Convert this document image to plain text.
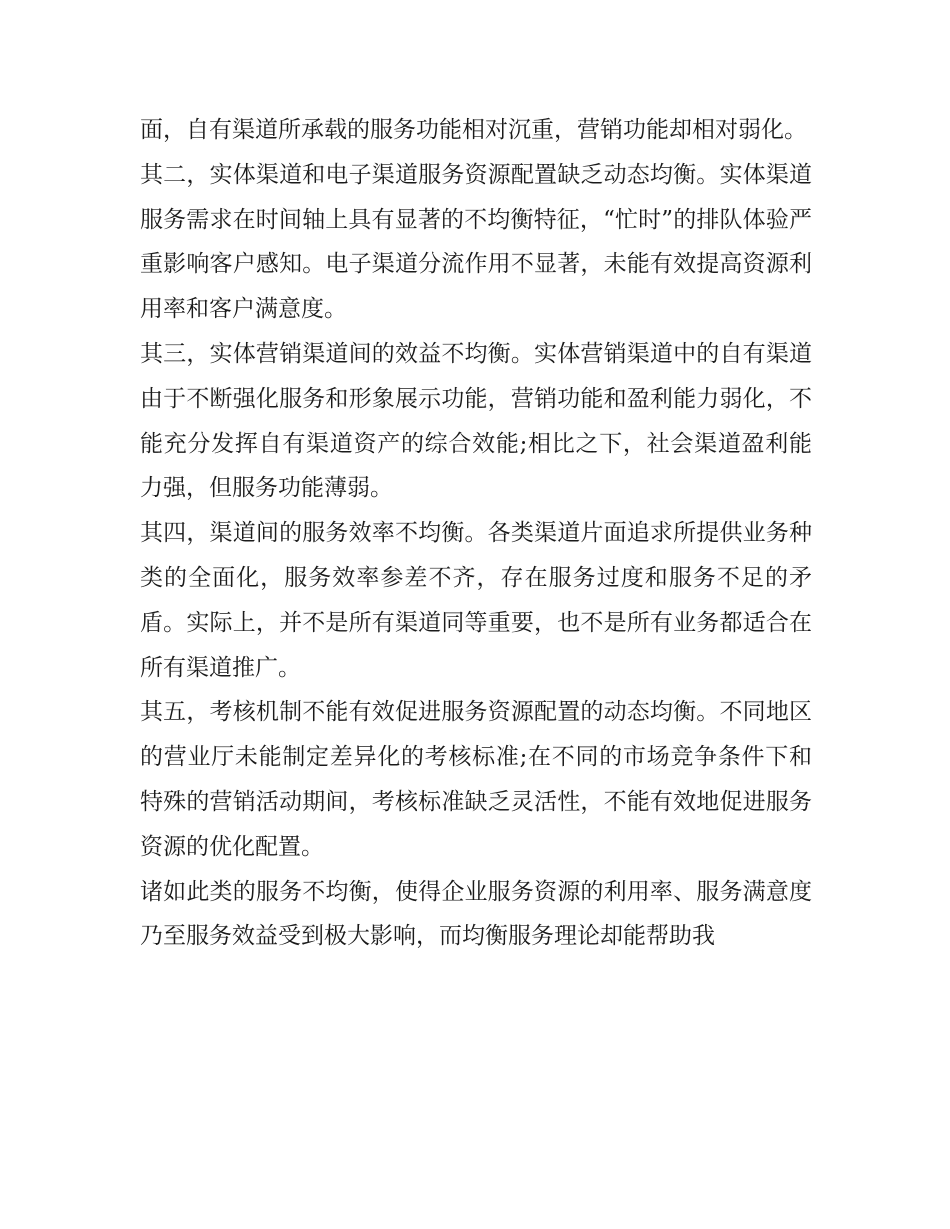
面，自有渠道所承载的服务功能相对沉重，营销功能却相对弱化。

其二，实体渠道和电子渠道服务资源配置缺乏动态均衡。实体渠道服务需求在时间轴上具有显著的不均衡特征，“忙时”的排队体验严重影响客户感知。电子渠道分流作用不显著，未能有效提高资源利用率和客户满意度。

其三，实体营销渠道间的效益不均衡。实体营销渠道中的自有渠道由于不断强化服务和形象展示功能，营销功能和盈利能力弱化，不能充分发挥自有渠道资产的综合效能;相比之下，社会渠道盈利能力强，但服务功能薄弱。

其四，渠道间的服务效率不均衡。各类渠道片面追求所提供业务种类的全面化，服务效率参差不齐，存在服务过度和服务不足的矛盾。实际上，并不是所有渠道同等重要，也不是所有业务都适合在所有渠道推广。

其五，考核机制不能有效促进服务资源配置的动态均衡。不同地区的营业厅未能制定差异化的考核标准;在不同的市场竞争条件下和特殊的营销活动期间，考核标准缺乏灵活性，不能有效地促进服务资源的优化配置。

诸如此类的服务不均衡，使得企业服务资源的利用率、服务满意度乃至服务效益受到极大影响，而均衡服务理论却能帮助我
